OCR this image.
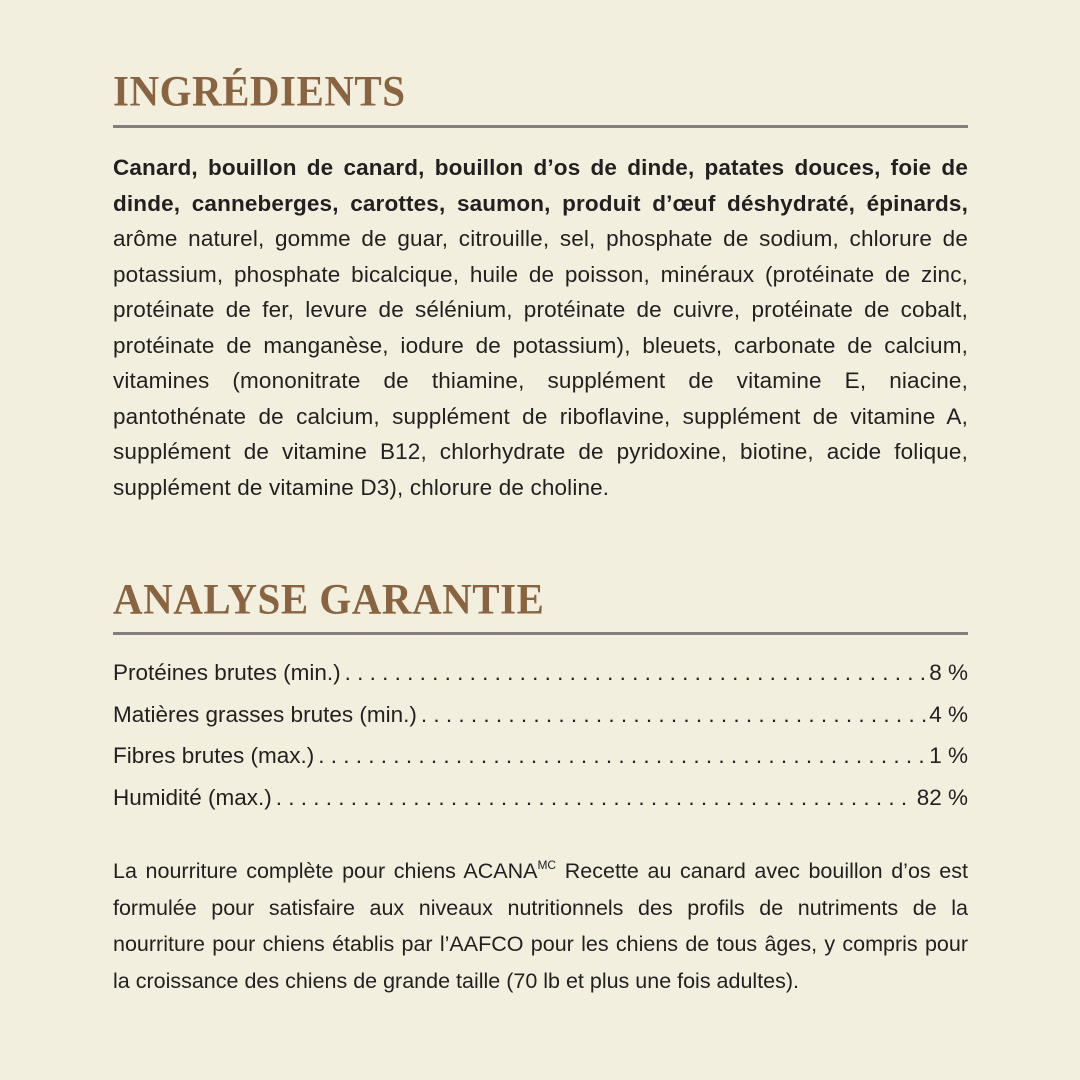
INGRÉDIENTS

Canard, bouillon de canard, bouillon d’os de dinde, patates douces, foie de dinde, canneberges, carottes, saumon, produit d’œuf déshydraté, épinards, arôme naturel, gomme de guar, citrouille, sel, phosphate de sodium, chlorure de potassium, phosphate bicalcique, huile de poisson, minéraux (protéinate de zinc, protéinate de fer, levure de sélénium, protéinate de cuivre, protéinate de cobalt, protéinate de manganèse, iodure de potassium), bleuets, carbonate de calcium, vitamines (mononitrate de thiamine, supplément de vitamine E, niacine, pantothénate de calcium, supplément de riboflavine, supplément de vitamine A, supplément de vitamine B12, chlorhydrate de pyridoxine, biotine, acide folique, supplément de vitamine D3), chlorure de choline.

ANALYSE GARANTIE
Protéines brutes (min.) . . .	8 %
Matières grasses brutes (min.) . . .	4 %
Fibres brutes (max.) . . .	1 %
Humidité (max.) . . .	82 %

La nourriture complète pour chiens $ACANA^{MC}$ Recette au canard avec bouillon d’os est formulée pour satisfaire aux niveaux nutritionnels des profils de nutriments de la nourriture pour chiens établis par l’AAFCO pour les chiens de tous âges, y compris pour la croissance des chiens de grande taille (70 lb et plus une fois adultes).
